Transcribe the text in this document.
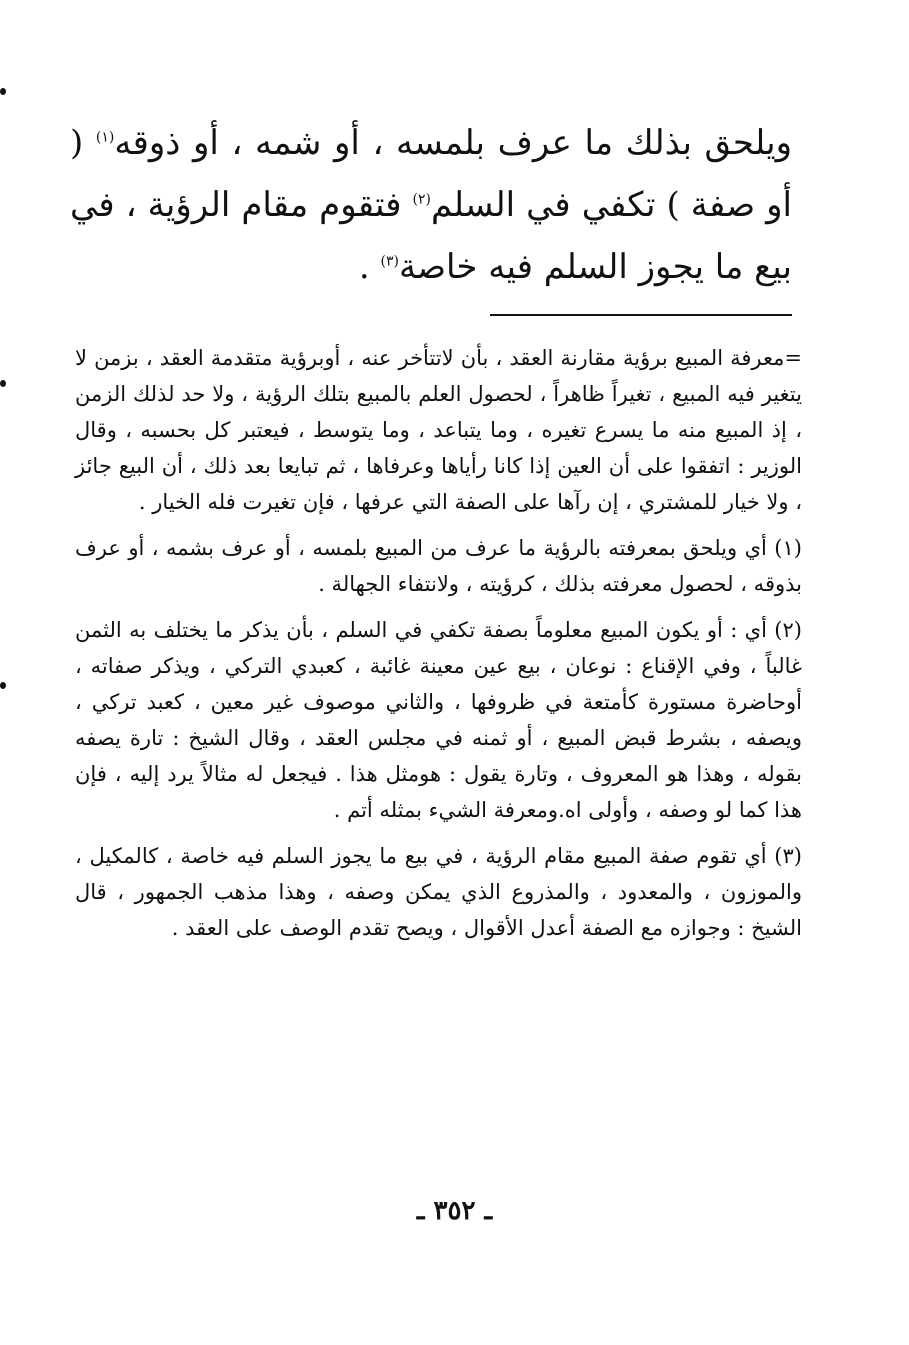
ويلحق بذلك ما عرف بلمسه ، أو شمه ، أو ذوقه$^{(١)}$ ( أو صفة ) تكفي في السلم$^{(٢)}$ فتقوم مقام الرؤية ، في بيع ما يجوز السلم فيه خاصة$^{(٣)}$ .

=معرفة المبيع برؤية مقارنة العقد ، بأن لاتتأخر عنه ، أوبرؤية متقدمة العقد ، بزمن لا يتغير فيه المبيع ، تغيراً ظاهراً ، لحصول العلم بالمبيع بتلك الرؤية ، ولا حد لذلك الزمن ، إذ المبيع منه ما يسرع تغيره ، وما يتباعد ، وما يتوسط ، فيعتبر كل بحسبه ، وقال الوزير : اتفقوا على أن العين إذا كانا رأياها وعرفاها ، ثم تبايعا بعد ذلك ، أن البيع جائز ، ولا خيار للمشتري ، إن رآها على الصفة التي عرفها ، فإن تغيرت فله الخيار .

(١) أي ويلحق بمعرفته بالرؤية ما عرف من المبيع بلمسه ، أو عرف بشمه ، أو عرف بذوقه ، لحصول معرفته بذلك ، كرؤيته ، ولانتفاء الجهالة .

(٢) أي : أو يكون المبيع معلوماً بصفة تكفي في السلم ، بأن يذكر ما يختلف به الثمن غالباً ، وفي الإقناع : نوعان ، بيع عين معينة غائبة ، كعبدي التركي ، ويذكر صفاته ، أوحاضرة مستورة كأمتعة في ظروفها ، والثاني موصوف غير معين ، كعبد تركي ، ويصفه ، بشرط قبض المبيع ، أو ثمنه في مجلس العقد ، وقال الشيخ : تارة يصفه بقوله ، وهذا هو المعروف ، وتارة يقول : هومثل هذا . فيجعل له مثالاً يرد إليه ، فإن هذا كما لو وصفه ، وأولى اه.ومعرفة الشيء بمثله أتم .

(٣) أي تقوم صفة المبيع مقام الرؤية ، في بيع ما يجوز السلم فيه خاصة ، كالمكيل ، والموزون ، والمعدود ، والمذروع الذي يمكن وصفه ، وهذا مذهب الجمهور ، قال الشيخ : وجوازه مع الصفة أعدل الأقوال ، ويصح تقدم الوصف على العقد .

ـ ٣٥٢ ـ
